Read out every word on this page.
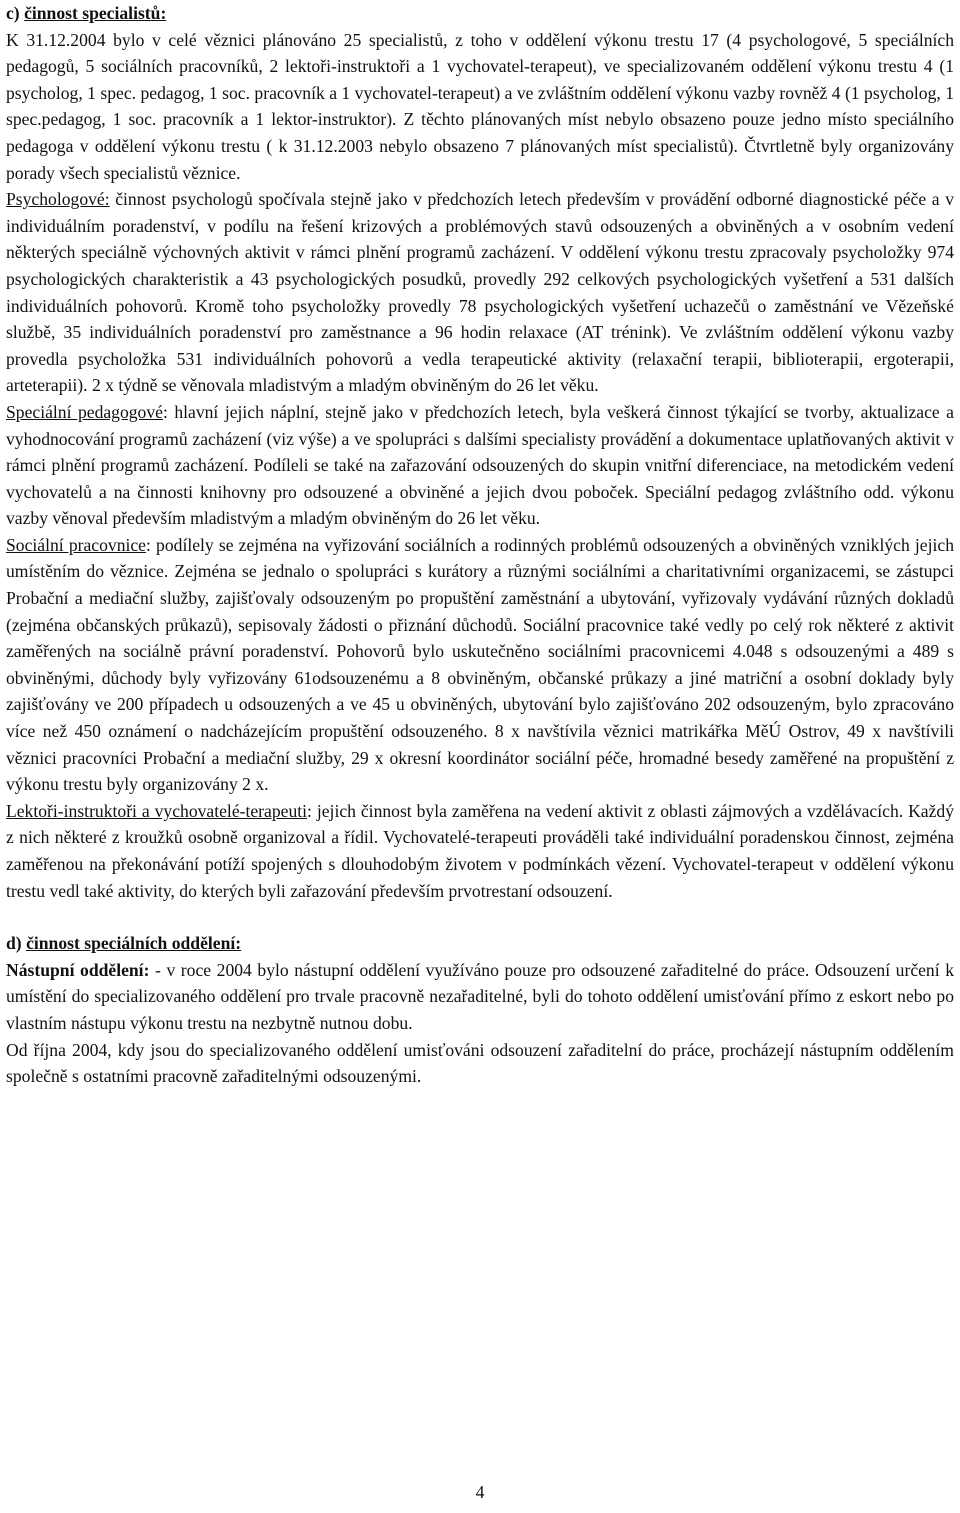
c) činnost specialistů:

K 31.12.2004 bylo v celé věznici plánováno 25 specialistů, z toho v oddělení výkonu trestu 17 (4 psychologové, 5 speciálních pedagogů, 5 sociálních pracovníků, 2 lektoři-instruktoři a 1 vychovatel-terapeut), ve specializovaném oddělení výkonu trestu 4 (1 psycholog, 1 spec. pedagog, 1 soc. pracovník a 1 vychovatel-terapeut) a ve zvláštním oddělení výkonu vazby rovněž 4 (1 psycholog, 1 spec.pedagog, 1 soc. pracovník a 1 lektor-instruktor). Z těchto plánovaných míst nebylo obsazeno pouze jedno místo speciálního pedagoga v oddělení výkonu trestu ( k 31.12.2003 nebylo obsazeno 7 plánovaných míst specialistů). Čtvrtletně byly organizovány porady všech specialistů věznice.

Psychologové: činnost psychologů spočívala stejně jako v předchozích letech především v provádění odborné diagnostické péče a v individuálním poradenství, v podílu na řešení krizových a problémových stavů odsouzených a obviněných a v osobním vedení některých speciálně výchovných aktivit v rámci plnění programů zacházení. V oddělení výkonu trestu zpracovaly psycholožky 974 psychologických charakteristik a 43 psychologických posudků, provedly 292 celkových psychologických vyšetření a 531 dalších individuálních pohovorů. Kromě toho psycholožky provedly 78 psychologických vyšetření uchazečů o zaměstnání ve Vězeňské službě, 35 individuálních poradenství pro zaměstnance a 96 hodin relaxace (AT trénink). Ve zvláštním oddělení výkonu vazby provedla psycholožka 531 individuálních pohovorů a vedla terapeutické aktivity (relaxační terapii, biblioterapii, ergoterapii, arteterapii). 2 x týdně se věnovala mladistvým a mladým obviněným do 26 let věku.

Speciální pedagogové: hlavní jejich náplní, stejně jako v předchozích letech, byla veškerá činnost týkající se tvorby, aktualizace a vyhodnocování programů zacházení (viz výše) a ve spolupráci s dalšími specialisty provádění a dokumentace uplatňovaných aktivit v rámci plnění programů zacházení. Podíleli se také na zařazování odsouzených do skupin vnitřní diferenciace, na metodickém vedení vychovatelů a na činnosti knihovny pro odsouzené a obviněné a jejich dvou poboček. Speciální pedagog zvláštního odd. výkonu vazby věnoval především mladistvým a mladým obviněným do 26 let věku.

Sociální pracovnice: podílely se zejména na vyřizování sociálních a rodinných problémů odsouzených a obviněných vzniklých jejich umístěním do věznice. Zejména se jednalo o spolupráci s kurátory a různými sociálními a charitativními organizacemi, se zástupci Probační a mediační služby, zajišťovaly odsouzeným po propuštění zaměstnání a ubytování, vyřizovaly vydávání různých dokladů (zejména občanských průkazů), sepisovaly žádosti o přiznání důchodů. Sociální pracovnice také vedly po celý rok některé z aktivit zaměřených na sociálně právní poradenství. Pohovorů bylo uskutečněno sociálními pracovnicemi 4.048 s odsouzenými a 489 s obviněnými, důchody byly vyřizovány 61odsouzenému a 8 obviněným, občanské průkazy a jiné matriční a osobní doklady byly zajišťovány ve 200 případech u odsouzených a ve 45 u obviněných, ubytování bylo zajišťováno 202 odsouzeným, bylo zpracováno více než 450 oznámení o nadcházejícím propuštění odsouzeného. 8 x navštívila věznici matrikářka MěÚ Ostrov, 49 x navštívili věznici pracovníci Probační a mediační služby, 29 x okresní koordinátor sociální péče, hromadné besedy zaměřené na propuštění z výkonu trestu byly organizovány 2 x.

Lektoři-instruktoři a vychovatelé-terapeuti: jejich činnost byla zaměřena na vedení aktivit z oblasti zájmových a vzdělávacích. Každý z nich některé z kroužků osobně organizoval a řídil. Vychovatelé-terapeuti prováděli také individuální poradenskou činnost, zejména zaměřenou na překonávání potíží spojených s dlouhodobým životem v podmínkách vězení. Vychovatel-terapeut v oddělení výkonu trestu vedl také aktivity, do kterých byli zařazování především prvotrestaní odsouzení.

d) činnost speciálních oddělení:

Nástupní oddělení: - v roce 2004 bylo nástupní oddělení využíváno pouze pro odsouzené zařaditelné do práce. Odsouzení určení k umístění do specializovaného oddělení pro trvale pracovně nezařaditelné, byli do tohoto oddělení umisťování přímo z eskort nebo po vlastním nástupu výkonu trestu na nezbytně nutnou dobu.

Od října 2004, kdy jsou do specializovaného oddělení umisťováni odsouzení zařaditelní do práce, procházejí nástupním oddělením společně s ostatními pracovně zařaditelnými odsouzenými.

4
